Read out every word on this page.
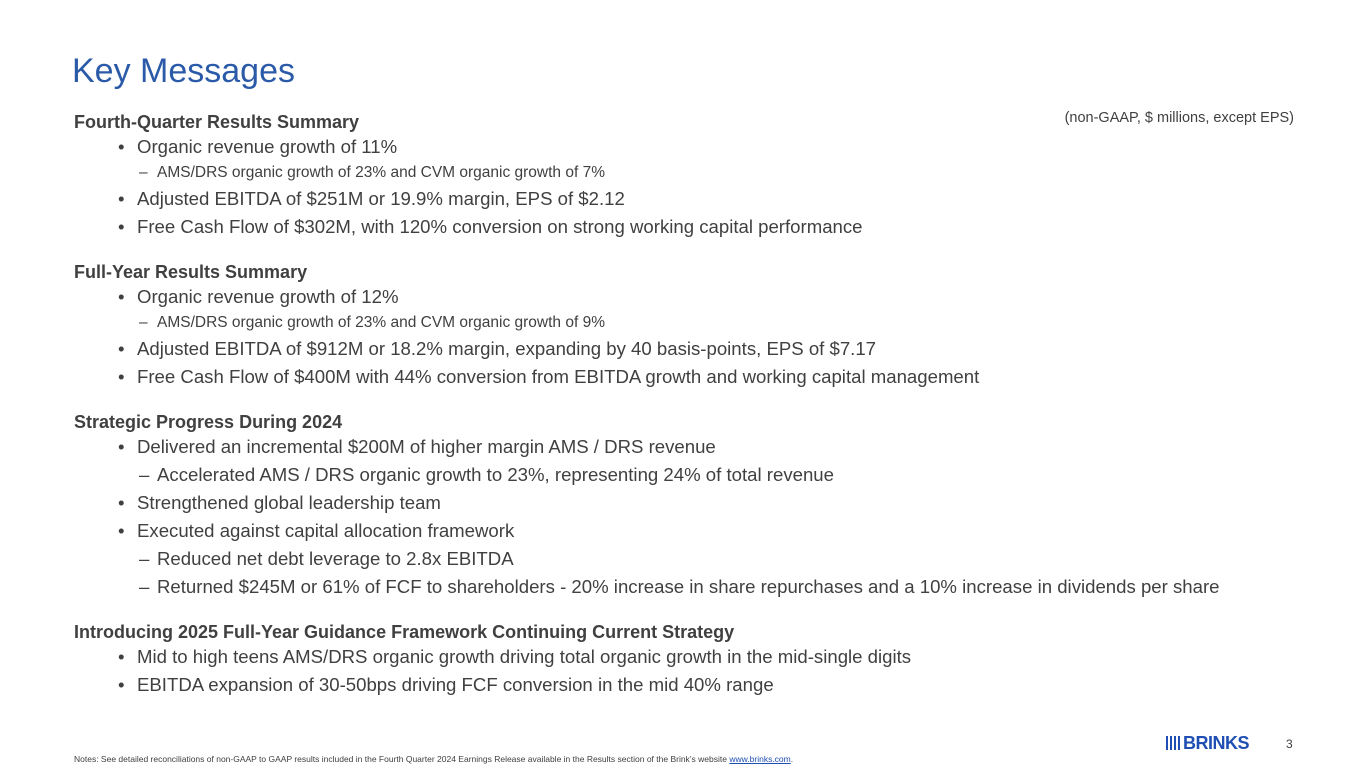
Key Messages
(non-GAAP, $ millions, except EPS)

Fourth-Quarter Results Summary

• Organic revenue growth of 11%
– AMS/DRS organic growth of 23% and CVM organic growth of 7%
• Adjusted EBITDA of $251M or 19.9% margin, EPS of $2.12
• Free Cash Flow of $302M, with 120% conversion on strong working capital performance

Full-Year Results Summary

• Organic revenue growth of 12%
– AMS/DRS organic growth of 23% and CVM organic growth of 9%
• Adjusted EBITDA of $912M or 18.2% margin, expanding by 40 basis-points, EPS of $7.17
• Free Cash Flow of $400M with 44% conversion from EBITDA growth and working capital management

Strategic Progress During 2024

• Delivered an incremental $200M of higher margin AMS / DRS revenue
– Accelerated AMS / DRS organic growth to 23%, representing 24% of total revenue
• Strengthened global leadership team
• Executed against capital allocation framework
– Reduced net debt leverage to 2.8x EBITDA
– Returned $245M or 61% of FCF to shareholders - 20% increase in share repurchases and a 10% increase in dividends per share

Introducing 2025 Full-Year Guidance Framework Continuing Current Strategy

• Mid to high teens AMS/DRS organic growth driving total organic growth in the mid-single digits
• EBITDA expansion of 30-50bps driving FCF conversion in the mid 40% range
Notes: See detailed reconciliations of non-GAAP to GAAP results included in the Fourth Quarter 2024 Earnings Release available in the Results section of the Brink’s website www.brinks.com.
BRINKS	3
